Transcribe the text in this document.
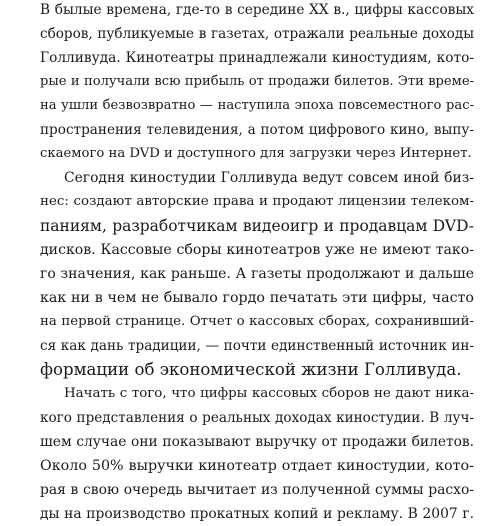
В былые времена, где-то в середине XX в., цифры кассовых
сборов, публикуемые в газетах, отражали реальные доходы
Голливуда. Кинотеатры принадлежали киностудиям, кото-
рые и получали всю прибыль от продажи билетов. Эти време-
на ушли безвозвратно — наступила эпоха повсеместного рас-
пространения телевидения, а потом цифрового кино, выпу-
скаемого на DVD и доступного для загрузки через Интернет.
Сегодня киностудии Голливуда ведут совсем иной биз-
нес: создают авторские права и продают лицензии телеком-
паниям, разработчикам видеоигр и продавцам DVD-
дисков. Кассовые сборы кинотеатров уже не имеют тако-
го значения, как раньше. А газеты продолжают и дальше
как ни в чем не бывало гордо печатать эти цифры, часто
на первой странице. Отчет о кассовых сборах, сохранивший-
ся как дань традиции, — почти единственный источник ин-
формации об экономической жизни Голливуда.
Начать с того, что цифры кассовых сборов не дают ника-
кого представления о реальных доходах киностудии. В луч-
шем случае они показывают выручку от продажи билетов.
Около 50% выручки кинотеатр отдает киностудии, кото-
рая в свою очередь вычитает из полученной суммы расхо-
ды на производство прокатных копий и рекламу. В 2007 г.
